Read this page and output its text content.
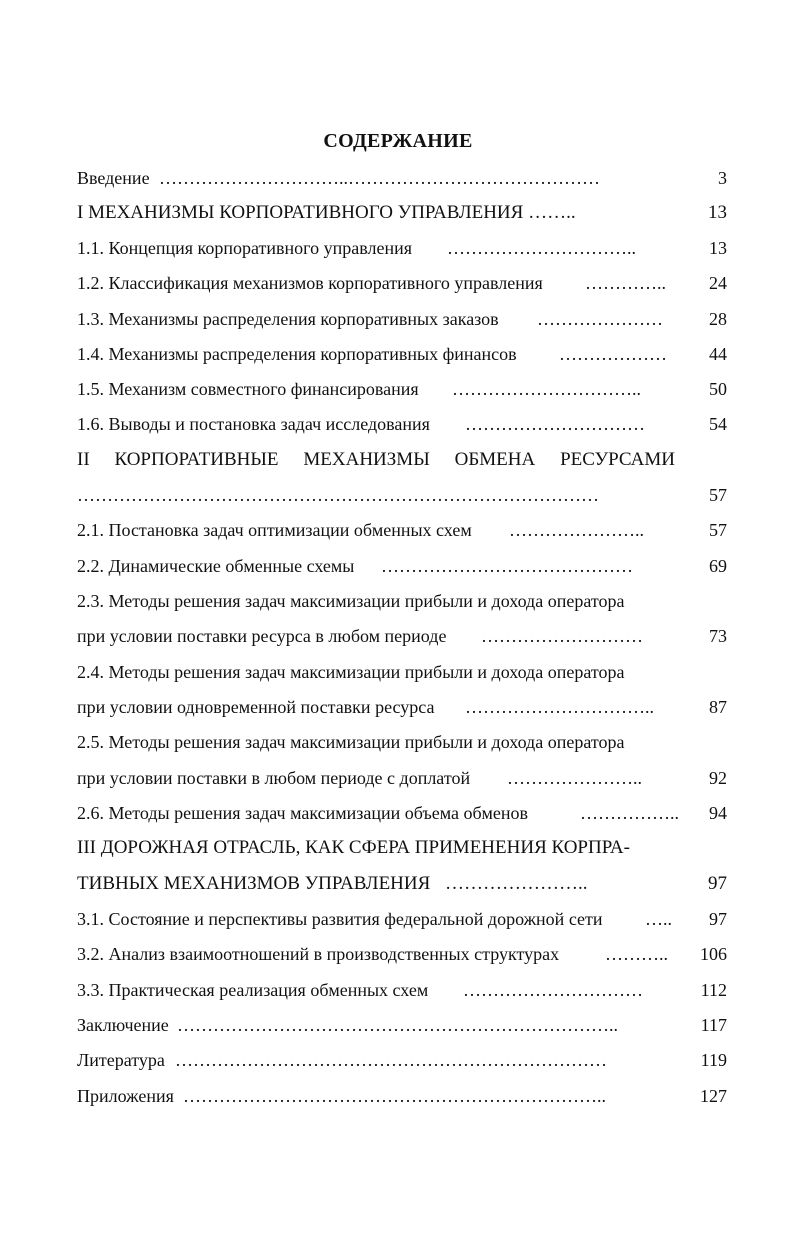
СОДЕРЖАНИЕ
Введение …………………………..……………………………………	3
I МЕХАНИЗМЫ КОРПОРАТИВНОГО УПРАВЛЕНИЯ ……..	13
1.1. Концепция корпоративного управления …………………………..	13
1.2. Классификация механизмов корпоративного управления …………..	24
1.3. Механизмы распределения корпоративных заказов …………………	28
1.4. Механизмы распределения корпоративных финансов ………………	44
1.5. Механизм совместного финансирования …………………………..	50
1.6. Выводы и постановка задач исследования …………………………	54
II КОРПОРАТИВНЫЕ МЕХАНИЗМЫ ОБМЕНА РЕСУРСАМИ
……………………………………………………………………………	57
2.1. Постановка задач оптимизации обменных схем …………………..	57
2.2. Динамические обменные схемы ……………………………………	69
2.3. Методы решения задач максимизации прибыли и дохода оператора
при условии поставки ресурса в любом периоде ………………………	73
2.4. Методы решения задач максимизации прибыли и дохода оператора
при условии одновременной поставки ресурса …………………………..	87
2.5. Методы решения задач максимизации прибыли и дохода оператора
при условии поставки в любом периоде с доплатой …………………..	92
2.6. Методы решения задач максимизации объема обменов	…………….. 94
III ДОРОЖНАЯ ОТРАСЛЬ, КАК СФЕРА ПРИМЕНЕНИЯ КОРПРА-
ТИВНЫХ МЕХАНИЗМОВ УПРАВЛЕНИЯ …………………..	97
3.1. Состояние и перспективы развития федеральной дорожной сети …..	97
3.2. Анализ взаимоотношений в производственных структурах	………..	106
3.3. Практическая реализация обменных схем …………………………	112
Заключение ………………………………………………………………..	117
Литература ………………………………………………………………	119
Приложения ……………………………………………………………..	127
